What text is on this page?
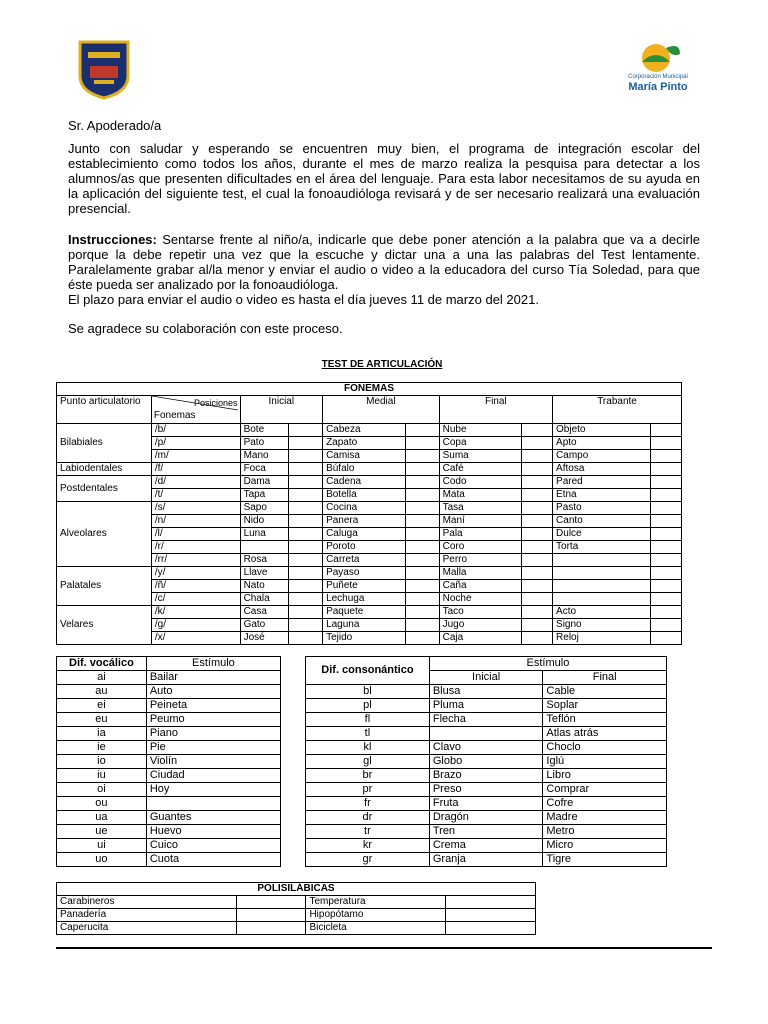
Corporación Municipal
María Pinto
Sr. Apoderado/a
Junto con saludar y esperando se encuentren muy bien, el programa de integración escolar del establecimiento como todos los años, durante el mes de marzo realiza la pesquisa para detectar a los alumnos/as que presenten dificultades en el área del lenguaje. Para esta labor necesitamos de su ayuda en la aplicación del siguiente test, el cual la fonoaudióloga revisará y de ser necesario realizará una evaluación presencial.
Instrucciones: Sentarse frente al niño/a, indicarle que debe poner atención a la palabra que va a decirle porque la debe repetir una vez que la escuche y dictar una a una las palabras del Test lentamente. Paralelamente grabar al/la menor y enviar el audio o video a la educadora del curso Tía Soledad, para que éste pueda ser analizado por la fonoaudióloga.
El plazo para enviar el audio o video es hasta el día jueves 11 de marzo del 2021.
Se agradece su colaboración con este proceso.
TEST DE ARTICULACIÓN
FONEMAS									
Punto articulatorio	Posiciones
Fonemas	Inicial		Medial		Final		Trabante	
Bilabiales	/b/	Bote		Cabeza		Nube		Objeto	
	/p/	Pato		Zapato		Copa		Apto	
	/m/	Mano		Camisa		Suma		Campo	
Labiodentales	/f/	Foca		Búfalo		Café		Aftosa	
Postdentales	/d/	Dama		Cadena		Codo		Pared	
	/t/	Tapa		Botella		Mata		Etna	
Alveolares	/s/	Sapo		Cocina		Tasa		Pasto	
	/n/	Nido		Panera		Maní		Canto	
	/l/	Luna		Caluga		Pala		Dulce	
	/r/			Poroto		Coro		Torta	
	/rr/	Rosa		Carreta		Perro			
Palatales	/y/	Llave		Payaso		Malla			
	/ñ/	Ñato		Puñete		Caña			
	/c/	Chala		Lechuga		Noche			
Velares	/k/	Casa		Paquete		Taco		Acto	
	/g/	Gato		Laguna		Jugo		Signo	
	/x/	José		Tejido		Caja		Reloj	
Dif. vocálico	Estímulo
ai	Bailar
au	Auto
ei	Peineta
eu	Peumo
ia	Piano
ie	Pie
io	Violín
iu	Ciudad
oi	Hoy
ou	
ua	Guantes
ue	Huevo
ui	Cuico
uo	Cuota
Dif. consonántico	Estímulo	
	Inicial	Final
bl	Blusa	Cable
pl	Pluma	Soplar
fl	Flecha	Teflón
tl		Atlas atrás
kl	Clavo	Choclo
gl	Globo	Iglú
br	Brazo	Libro
pr	Preso	Comprar
fr	Fruta	Cofre
dr	Dragón	Madre
tr	Tren	Metro
kr	Crema	Micro
gr	Granja	Tigre
POLISILÁBICAS			
Carabineros		Temperatura	
Panadería		Hipopótamo	
Caperucita		Bicicleta	
